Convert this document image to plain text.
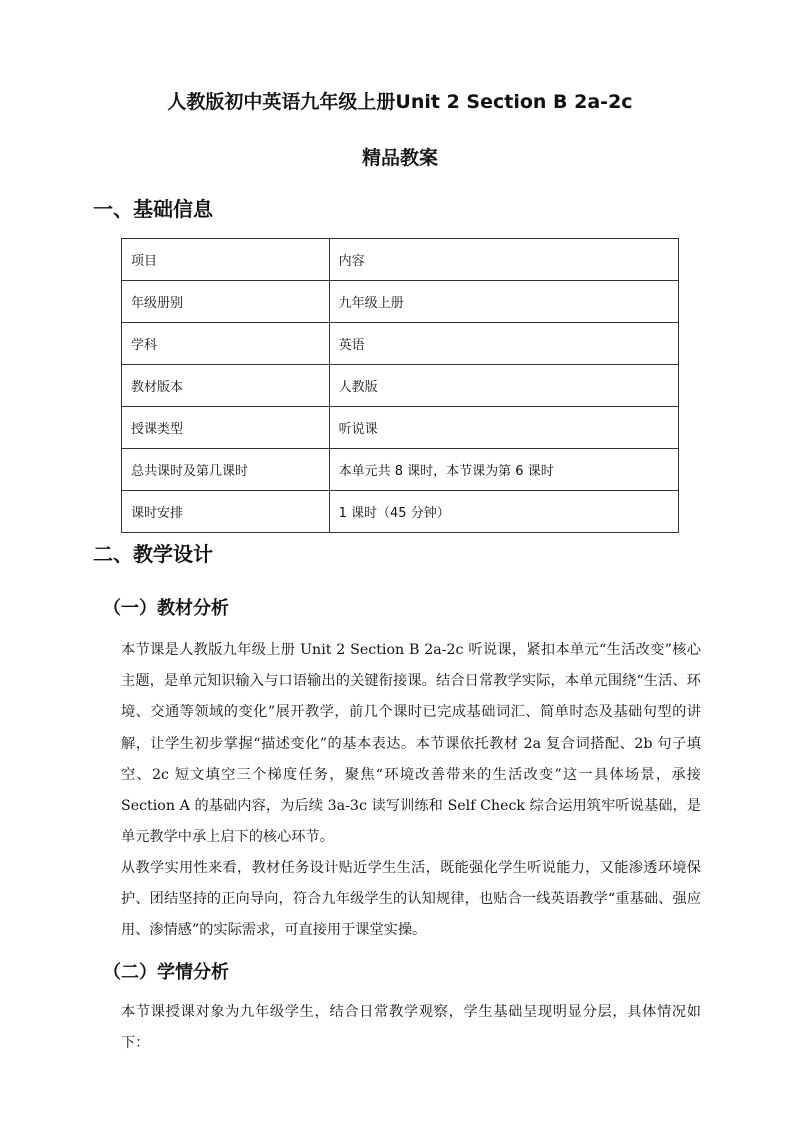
人教版初中英语九年级上册Unit 2 Section B 2a-2c
精品教案
一、基础信息
项目	内容
年级册别	九年级上册
学科	英语
教材版本	人教版
授课类型	听说课
总共课时及第几课时	本单元共 8 课时，本节课为第 6 课时
课时安排	1 课时（45 分钟）
二、教学设计
（一）教材分析

本节课是人教版九年级上册 Unit 2 Section B 2a-2c 听说课，紧扣本单元“生活改变”核心主题，是单元知识输入与口语输出的关键衔接课。结合日常教学实际，本单元围绕“生活、环境、交通等领域的变化”展开教学，前几个课时已完成基础词汇、简单时态及基础句型的讲解，让学生初步掌握“描述变化”的基本表达。本节课依托教材 2a 复合词搭配、2b 句子填空、2c 短文填空三个梯度任务，聚焦“环境改善带来的生活改变”这一具体场景，承接 Section A 的基础内容，为后续 3a-3c 读写训练和 Self Check 综合运用筑牢听说基础，是单元教学中承上启下的核心环节。

从教学实用性来看，教材任务设计贴近学生生活，既能强化学生听说能力，又能渗透环境保护、团结坚持的正向导向，符合九年级学生的认知规律，也贴合一线英语教学“重基础、强应用、渗情感”的实际需求，可直接用于课堂实操。

（二）学情分析

本节课授课对象为九年级学生，结合日常教学观察，学生基础呈现明显分层，具体情况如下：
